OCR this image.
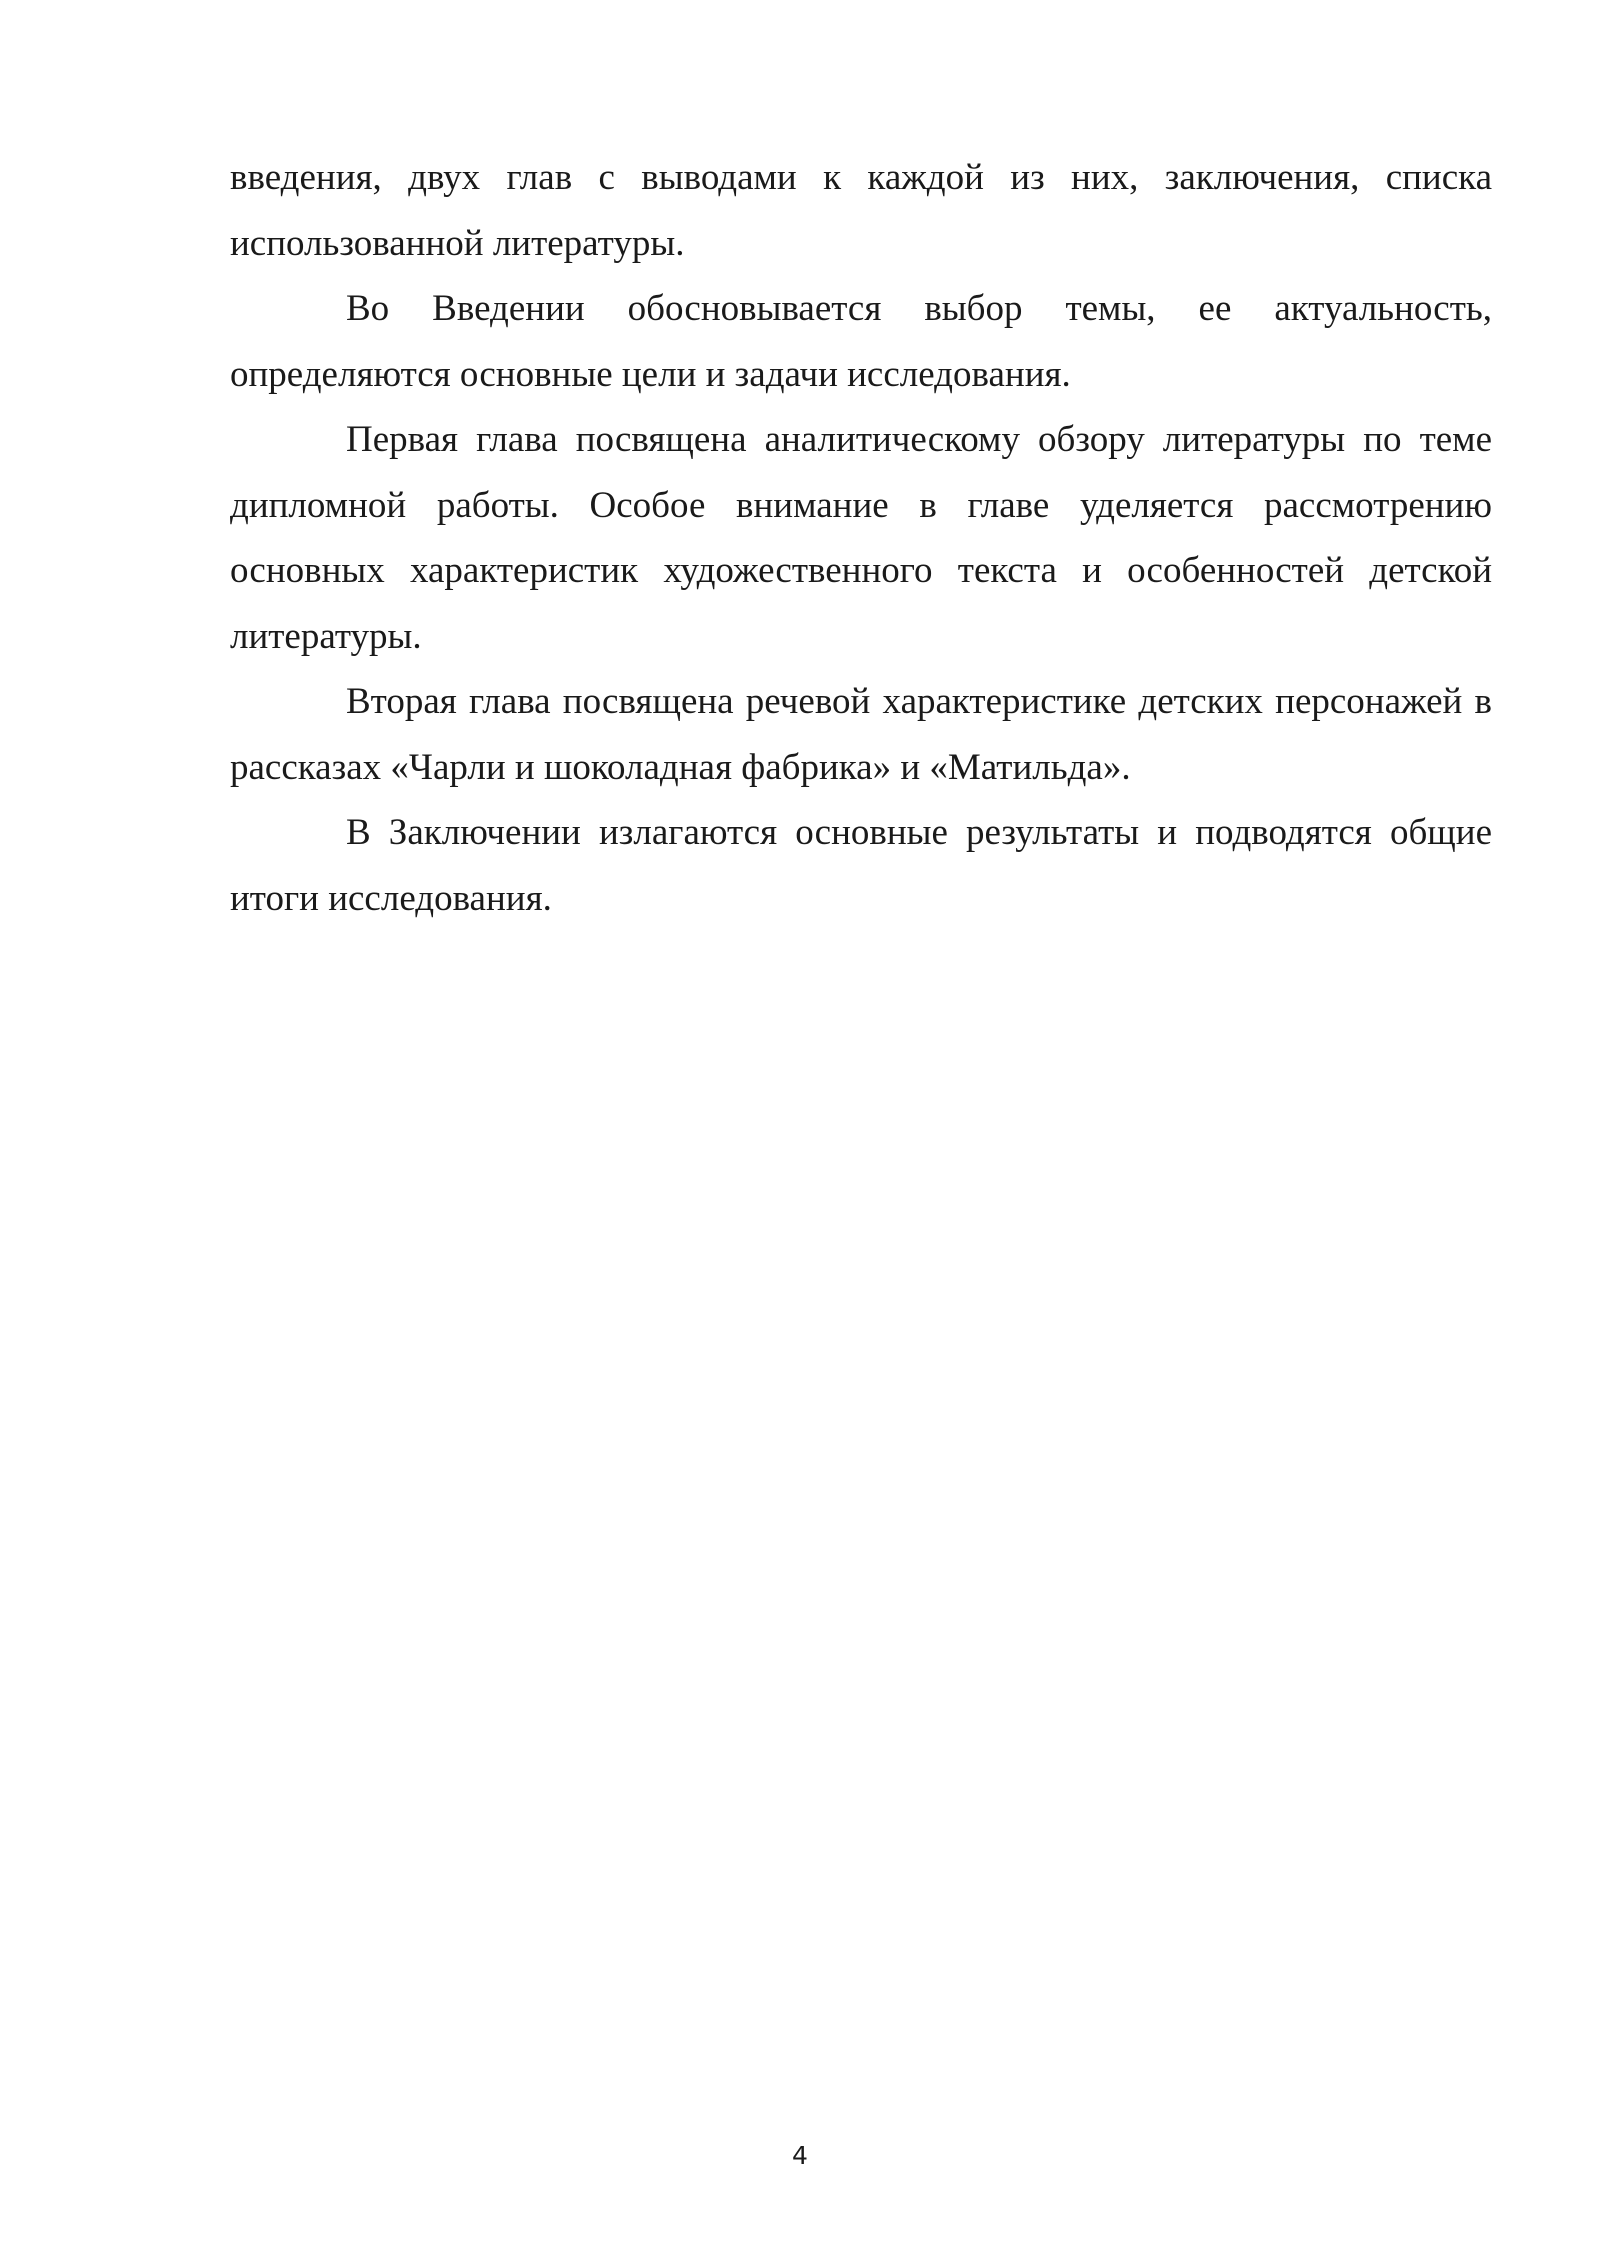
введения, двух глав с выводами к каждой из них, заключения, списка использованной литературы.

Во Введении обосновывается выбор темы, ее актуальность, определяются основные цели и задачи исследования.

Первая глава посвящена аналитическому обзору литературы по теме дипломной работы. Особое внимание в главе уделяется рассмотрению основных характеристик художественного текста и особенностей детской литературы.

Вторая глава посвящена речевой характеристике детских персонажей в рассказах «Чарли и шоколадная фабрика» и «Матильда».

В Заключении излагаются основные результаты и подводятся общие итоги исследования.

4
